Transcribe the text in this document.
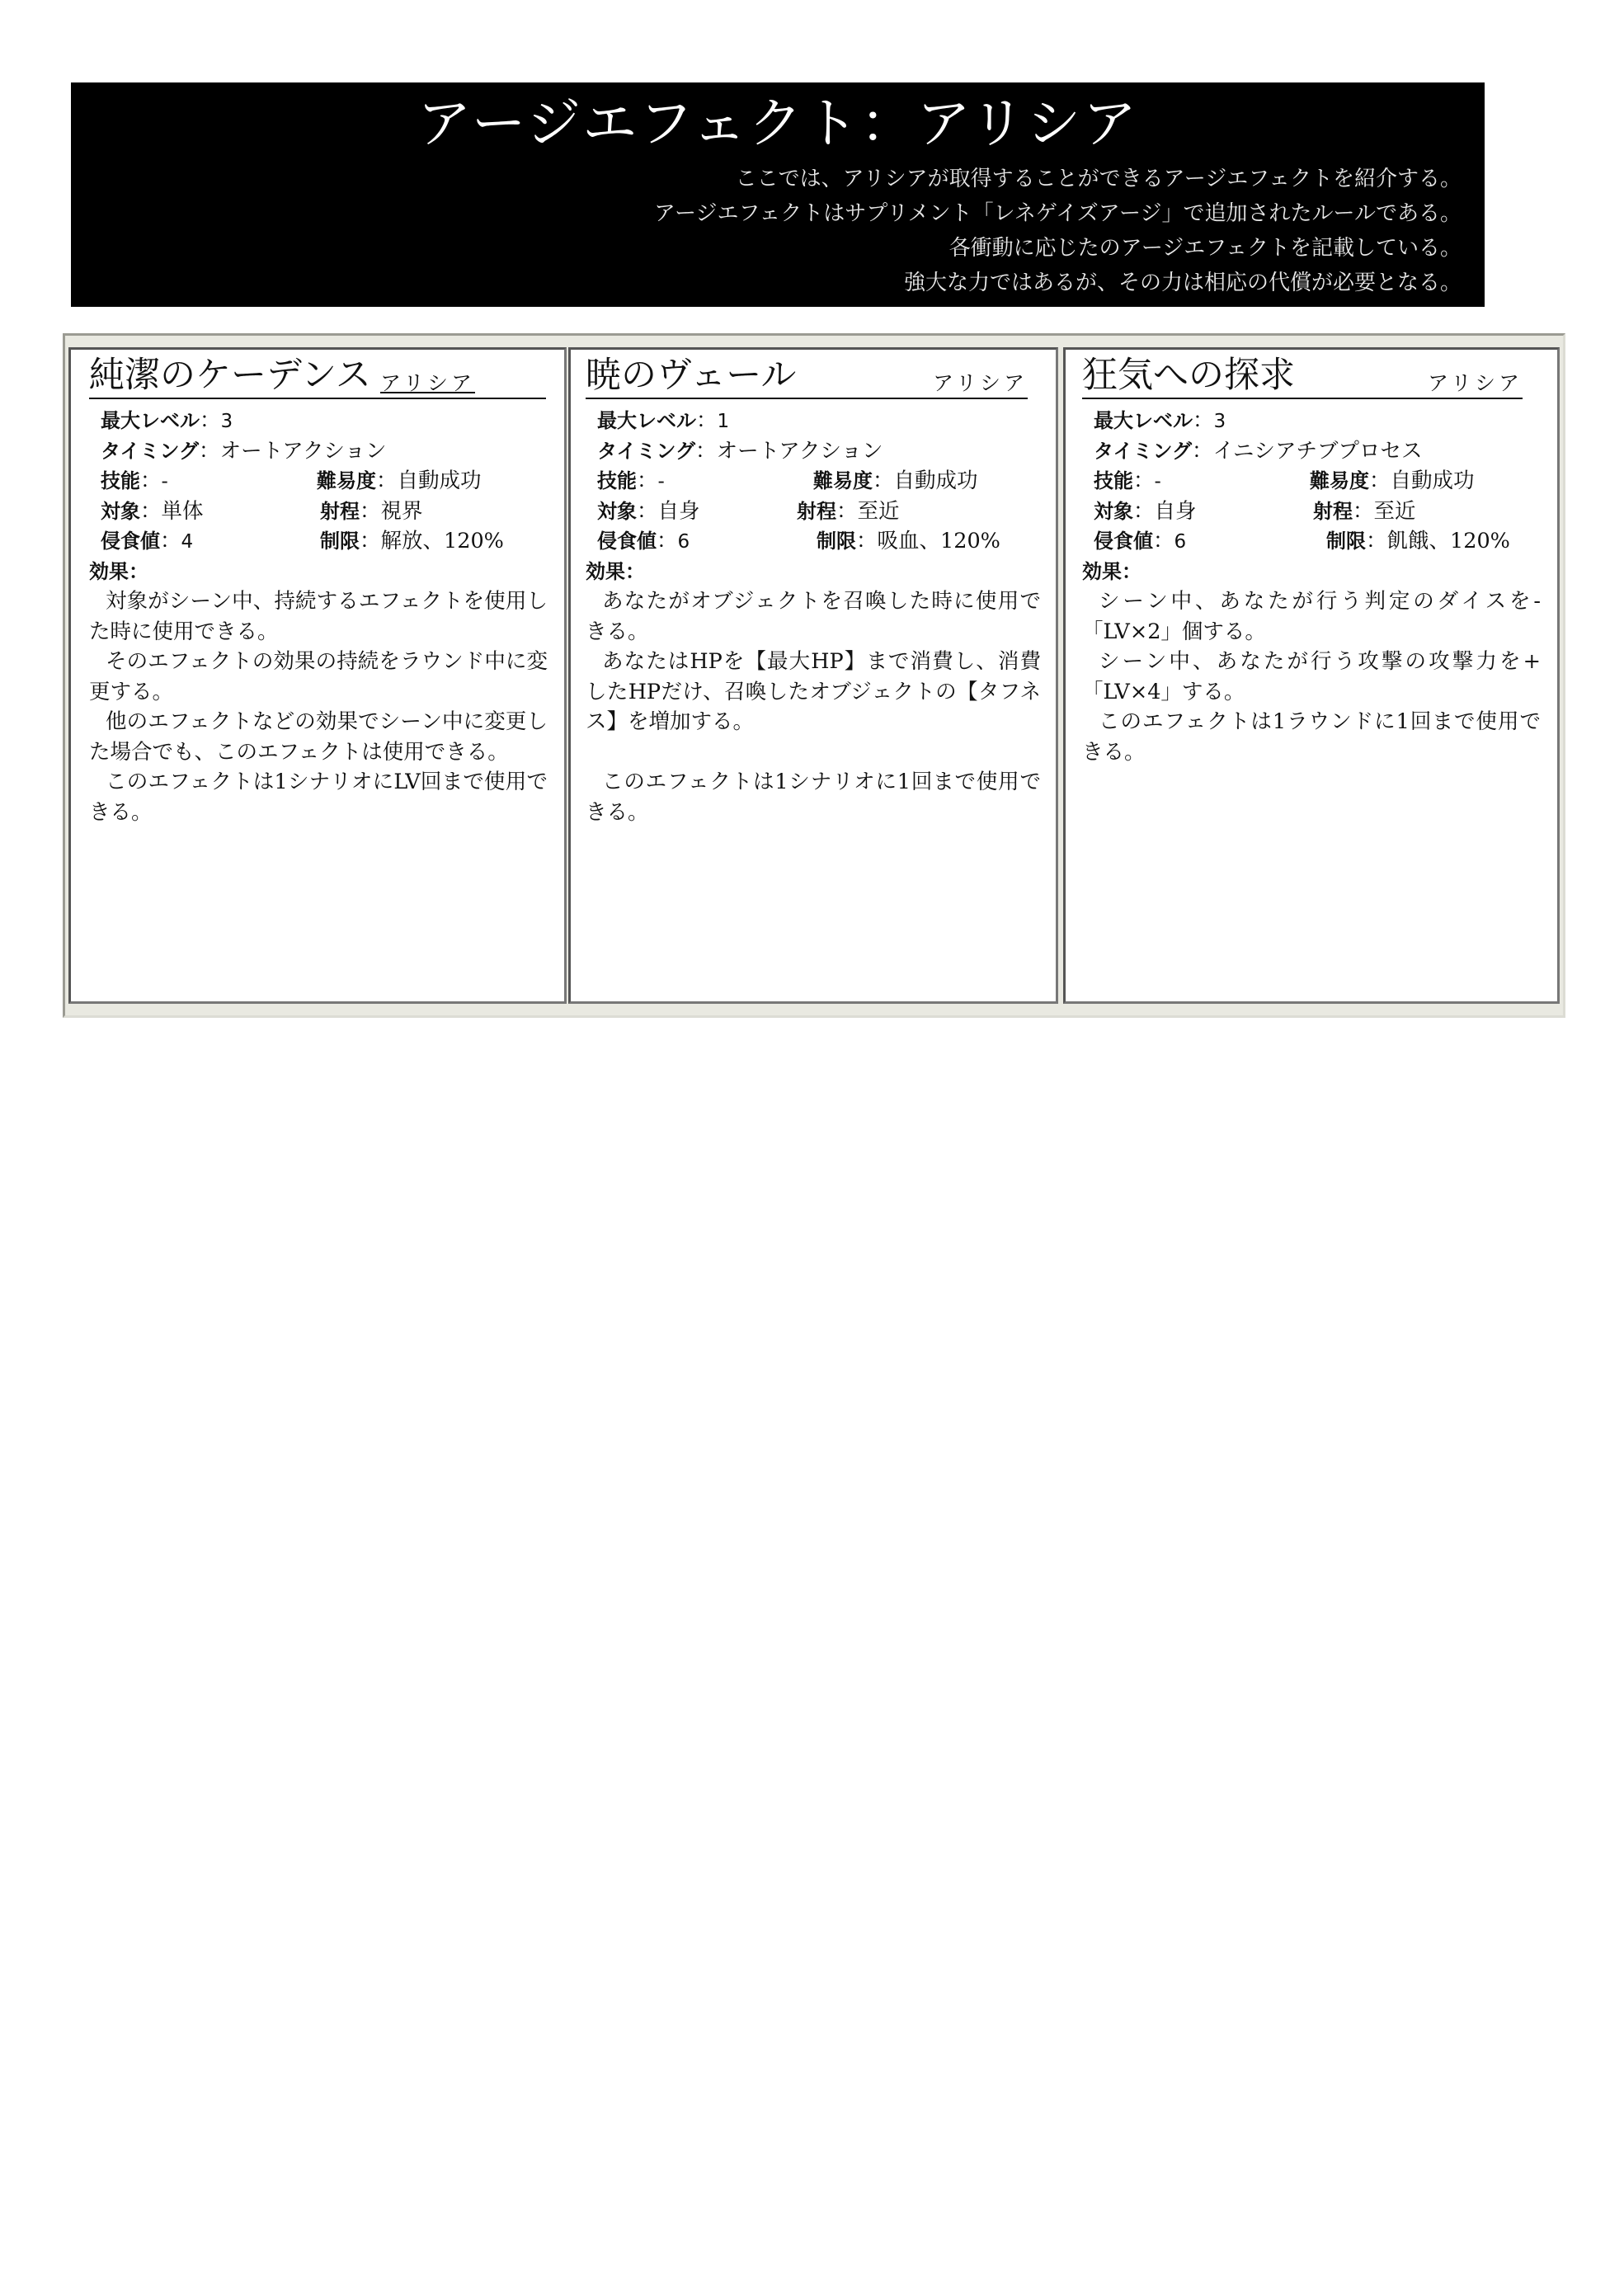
アージエフェクト：アリシア
ここでは、アリシアが取得することができるアージエフェクトを紹介する。
アージエフェクトはサプリメント「レネゲイズアージ」で追加されたルールである。
各衝動に応じたのアージエフェクトを記載している。
強大な力ではあるが、その力は相応の代償が必要となる。
純潔のケーデンス アリシア
最大レベル：3
タイミング：オートアクション
技能：-	難易度：自動成功
対象：単体	射程：視界
侵食値：4	制限：解放、120%
効果：

対象がシーン中、持続するエフェクトを使用した時に使用できる。

そのエフェクトの効果の持続をラウンド中に変更する。

他のエフェクトなどの効果でシーン中に変更した場合でも、このエフェクトは使用できる。

このエフェクトは1シナリオにLV回まで使用できる。

暁のヴェール	アリシア
最大レベル：1
タイミング：オートアクション
技能：-	難易度：自動成功
対象：自身	射程：至近
侵食値：6	制限：吸血、120%
効果：

あなたがオブジェクトを召喚した時に使用できる。

あなたはHPを【最大HP】まで消費し、消費したHPだけ、召喚したオブジェクトの【タフネス】を増加する。

このエフェクトは1シナリオに1回まで使用できる。

狂気への探求	アリシア
最大レベル：3
タイミング：イニシアチブプロセス
技能：-	難易度：自動成功
対象：自身	射程：至近
侵食値：6	制限：飢餓、120%
効果：

シーン中、あなたが行う判定のダイスを-「LV×2」個する。

シーン中、あなたが行う攻撃の攻撃力を+「LV×4」する。

このエフェクトは1ラウンドに1回まで使用できる。
